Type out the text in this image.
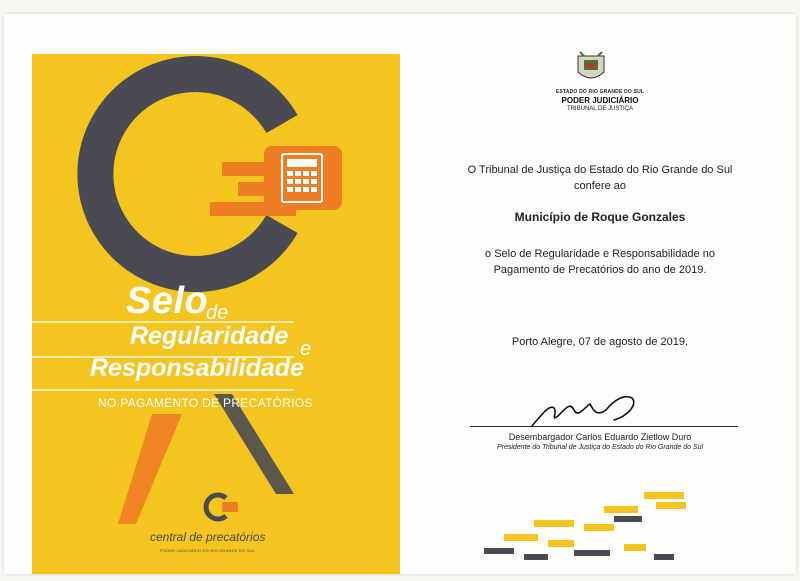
Selo
de
Regularidade e
Responsabilidade
NO PAGAMENTO DE PRECATÓRIOS
central de precatórios
PODER JUDICIÁRIO DO RIO GRANDE DO SUL
ESTADO DO RIO GRANDE DO SUL
PODER JUDICIÁRIO
TRIBUNAL DE JUSTIÇA
O Tribunal de Justiça do Estado do Rio Grande do Sul
confere ao
Município de Roque Gonzales
o Selo de Regularidade e Responsabilidade no
Pagamento de Precatórios do ano de 2019.
Porto Alegre, 07 de agosto de 2019.
Desembargador Carlos Eduardo Zietlow Duro
Presidente do Tribunal de Justiça do Estado do Rio Grande do Sul
